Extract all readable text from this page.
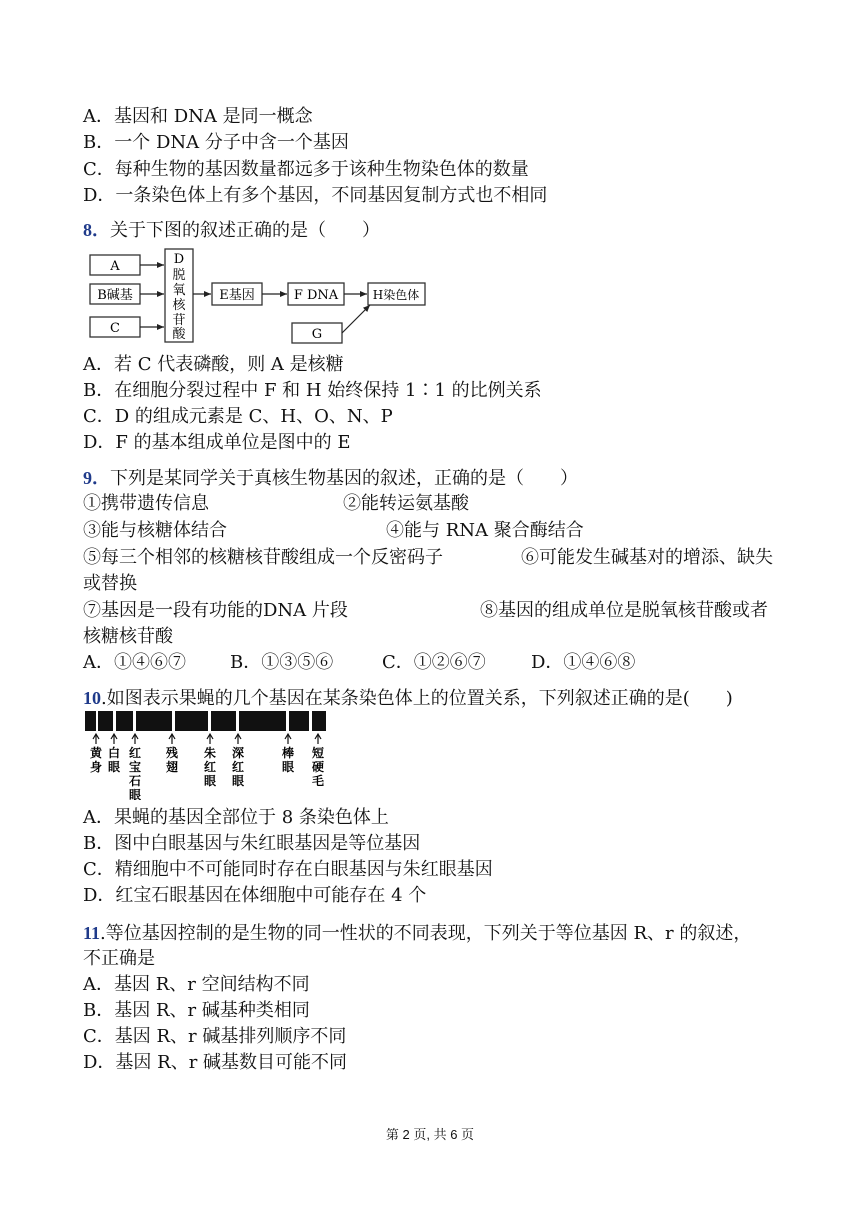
A．基因和 DNA 是同一概念
B．一个 DNA 分子中含一个基因
C．每种生物的基因数量都远多于该种生物染色体的数量
D．一条染色体上有多个基因，不同基因复制方式也不相同
8．关于下图的叙述正确的是（　　）
A
B碱基
C
D
脱
氧
核
苷
酸
E基因	F DNA	H染色体
G
A．若 C 代表磷酸，则 A 是核糖
B．在细胞分裂过程中 F 和 H 始终保持 1∶1 的比例关系
C．D 的组成元素是 C、H、O、N、P
D．F 的基本组成单位是图中的 E
9．下列是某同学关于真核生物基因的叙述，正确的是（　　）
①携带遗传信息	②能转运氨基酸
③能与核糖体结合	④能与 RNA 聚合酶结合
⑤每三个相邻的核糖核苷酸组成一个反密码子	⑥可能发生碱基对的增添、缺失
或替换
⑦基因是一段有功能的DNA 片段	⑧基因的组成单位是脱氧核苷酸或者
核糖核苷酸
A．①④⑥⑦ B．①③⑤⑥	C．①②⑥⑦	D．①④⑥⑧
10.如图表示果蝇的几个基因在某条染色体上的位置关系，下列叙述正确的是(　　)
黄
身
白
眼
红
宝
石
眼
残
翅
朱
红
眼
深
红
眼
棒
眼
短
硬
毛
A．果蝇的基因全部位于 8 条染色体上
B．图中白眼基因与朱红眼基因是等位基因
C．精细胞中不可能同时存在白眼基因与朱红眼基因
D．红宝石眼基因在体细胞中可能存在 4 个
11.等位基因控制的是生物的同一性状的不同表现，下列关于等位基因 R、r 的叙述，
不正确是
A．基因 R、r 空间结构不同
B．基因 R、r 碱基种类相同
C．基因 R、r 碱基排列顺序不同
D．基因 R、r 碱基数目可能不同
第 2 页, 共 6 页
